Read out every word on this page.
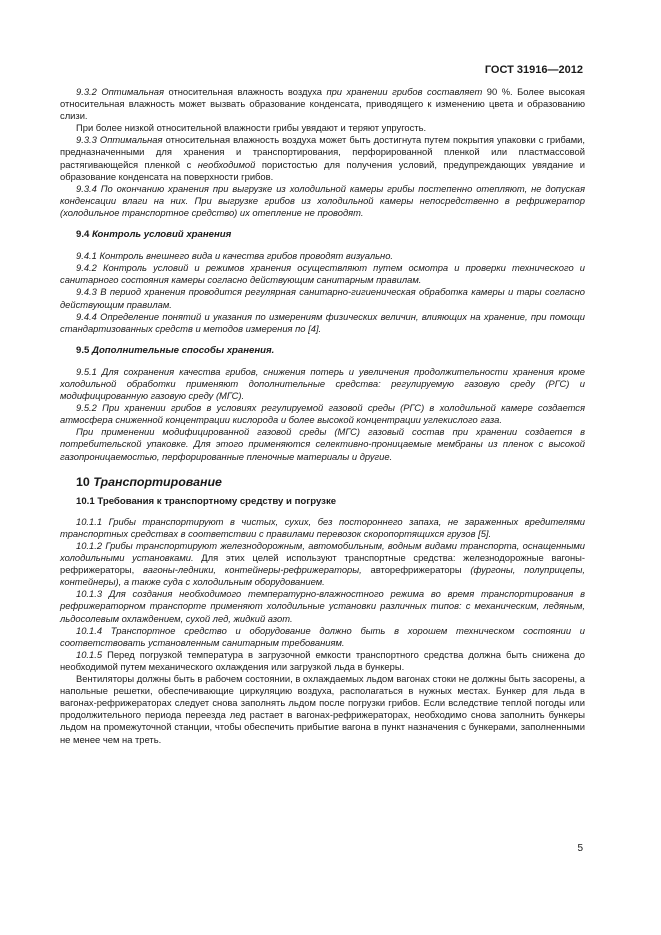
ГОСТ 31916—2012

9.3.2 Оптимальная относительная влажность воздуха при хранении грибов составляет 90 %. Более высокая относительная влажность может вызвать образование конденсата, приводящего к изменению цвета и образованию слизи.

При более низкой относительной влажности грибы увядают и теряют упругость.

9.3.3 Оптимальная относительная влажность воздуха может быть достигнута путем покрытия упаковки с грибами, предназначенными для хранения и транспортирования, перфорированной пленкой или пластмассовой растягивающейся пленкой с необходимой пористостью для получения условий, предупреждающих увядание и образование конденсата на поверхности грибов.

9.3.4 По окончанию хранения при выгрузке из холодильной камеры грибы постепенно отепляют, не допуская конденсации влаги на них. При выгрузке грибов из холодильной камеры непосредственно в рефрижератор (холодильное транспортное средство) их отепление не проводят.

9.4 Контроль условий хранения

9.4.1 Контроль внешнего вида и качества грибов проводят визуально.

9.4.2 Контроль условий и режимов хранения осуществляют путем осмотра и проверки технического и санитарного состояния камеры согласно действующим санитарным правилам.

9.4.3 В период хранения проводится регулярная санитарно-гигиеническая обработка камеры и тары согласно действующим правилам.

9.4.4 Определение понятий и указания по измерениям физических величин, влияющих на хранение, при помощи стандартизованных средств и методов измерения по [4].

9.5 Дополнительные способы хранения.

9.5.1 Для сохранения качества грибов, снижения потерь и увеличения продолжительности хранения кроме холодильной обработки применяют дополнительные средства: регулируемую газовую среду (РГС) и модифицированную газовую среду (МГС).

9.5.2 При хранении грибов в условиях регулируемой газовой среды (РГС) в холодильной камере создается атмосфера сниженной концентрации кислорода и более высокой концентрации углекислого газа.

При применении модифицированной газовой среды (МГС) газовый состав при хранении создается в потребительской упаковке. Для этого применяются селективно-проницаемые мембраны из пленок с высокой газопроницаемостью, перфорированные пленочные материалы и другие.

10 Транспортирование

10.1 Требования к транспортному средству и погрузке

10.1.1 Грибы транспортируют в чистых, сухих, без постороннего запаха, не зараженных вредителями транспортных средствах в соответствии с правилами перевозок скоропортящихся грузов [5].

10.1.2 Грибы транспортируют железнодорожным, автомобильным, водным видами транспорта, оснащенными холодильными установками. Для этих целей используют транспортные средства: железнодорожные вагоны-рефрижераторы, вагоны-ледники, контейнеры-рефрижераторы, авторефрижераторы (фургоны, полуприцепы, контейнеры), а также суда с холодильным оборудованием.

10.1.3 Для создания необходимого температурно-влажностного режима во время транспортирования в рефрижераторном транспорте применяют холодильные установки различных типов: с механическим, ледяным, льдосолевым охлаждением, сухой лед, жидкий азот.

10.1.4 Транспортное средство и оборудование должно быть в хорошем техническом состоянии и соответствовать установленным санитарным требованиям.

10.1.5 Перед погрузкой температура в загрузочной емкости транспортного средства должна быть снижена до необходимой путем механического охлаждения или загрузкой льда в бункеры.

Вентиляторы должны быть в рабочем состоянии, в охлаждаемых льдом вагонах стоки не должны быть засорены, а напольные решетки, обеспечивающие циркуляцию воздуха, располагаться в нужных местах. Бункер для льда в вагонах-рефрижераторах следует снова заполнять льдом после погрузки грибов. Если вследствие теплой погоды или продолжительного периода переезда лед растает в вагонах-рефрижераторах, необходимо снова заполнить бункеры льдом на промежуточной станции, чтобы обеспечить прибытие вагона в пункт назначения с бункерами, заполненными не менее чем на треть.

5
